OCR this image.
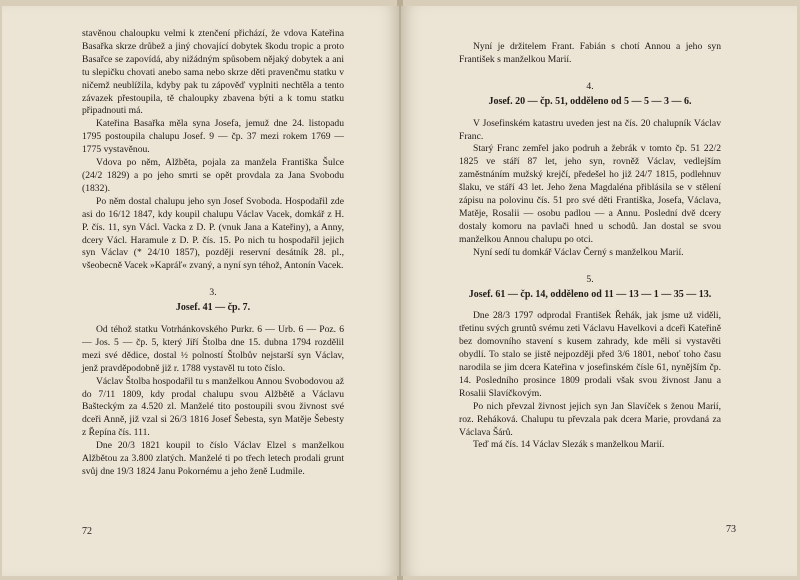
stavěnou chaloupku velmi k ztenčení přichází, že vdova Kateřina Basařka skrze drůbež a jiný chovající dobytek škodu tropic a proto Basařce se zapovídá, aby nižádným spůsobem nějaký dobytek a ani tu slepičku chovati anebo sama nebo skrze děti pravenčmu statku v ničemž neublížila, kdyby pak tu zápověď vyplniti nechtěla a tento závazek přestoupila, tě chaloupky zbavena býti a k tomu statku připadnouti má.

Kateřina Basařka měla syna Josefa, jemuž dne 24. listopadu 1795 postoupila chalupu Josef. 9 — čp. 37 mezi rokem 1769 — 1775 vystavěnou.

Vdova po něm, Alžběta, pojala za manžela Františka Šulce (24/2 1829) a po jeho smrti se opět provdala za Jana Svobodu (1832).

Po něm dostal chalupu jeho syn Josef Svoboda. Hospodařil zde asi do 16/12 1847, kdy koupil chalupu Václav Vacek, domkář z H. P. čís. 11, syn Václ. Vacka z D. P. (vnuk Jana a Kateřiny), a Anny, dcery Václ. Haramule z D. P. čís. 15. Po nich tu hospodařil jejich syn Václav (* 24/10 1857), později reservní desátník 28. pl., všeobecně Vacek »Kapráľ« zvaný, a nyní syn téhož, Antonín Vacek.

3.
Josef. 41 — čp. 7.

Od téhož statku Votrhánkovského Purkr. 6 — Urb. 6 — Poz. 6 — Jos. 5 — čp. 5, který Jiří Štolba dne 15. dubna 1794 rozdělil mezi své dědice, dostal ½ polností Štolbův nejstarší syn Václav, jenž pravděpodobně již r. 1788 vystavěl tu toto číslo.

Václav Štolba hospodařil tu s manželkou Annou Svobodovou až do 7/11 1809, kdy prodal chalupu svou Alžbětě a Václavu Bašteckým za 4.520 zl. Manželé tito postoupili svou živnost své dceři Anně, již vzal si 26/3 1816 Josef Šebesta, syn Matěje Šebesty z Řepína čís. 111.

Dne 20/3 1821 koupil to číslo Václav Elzel s manželkou Alžbětou za 3.800 zlatých. Manželé ti po třech letech prodali grunt svůj dne 19/3 1824 Janu Pokornému a jeho ženě Ludmile.

72

Nyní je držitelem Frant. Fabián s chotí Annou a jeho syn František s manželkou Marií.

4.
Josef. 20 — čp. 51, odděleno od 5 — 5 — 3 — 6.

V Josefinském katastru uveden jest na čís. 20 chalupník Václav Franc.

Starý Franc zemřel jako podruh a žebrák v tomto čp. 51 22/2 1825 ve stáří 87 let, jeho syn, rovněž Václav, vedlejším zaměstnáním mužský krejčí, předešel ho již 24/7 1815, podlehnuv šlaku, ve stáří 43 let. Jeho žena Magdaléna přiblásila se v stělení zápisu na polovinu čís. 51 pro své děti Františka, Josefa, Václava, Matěje, Rosalii — osobu padlou — a Annu. Poslední dvě dcery dostaly komoru na pavlači hned u schodů. Jan dostal se svou manželkou Annou chalupu po otci.

Nyní sedí tu domkář Václav Černý s manželkou Marií.

5.
Josef. 61 — čp. 14, odděleno od 11 — 13 — 1 — 35 — 13.

Dne 28/3 1797 odprodal František Řehák, jak jsme už viděli, třetinu svých gruntů svému zeti Václavu Havelkovi a dceři Kateřině bez domovního stavení s kusem zahrady, kde měli si vystavěti obydlí. To stalo se jistě nejpozději před 3/6 1801, neboť toho času narodila se jim dcera Kateřina v josefinském čísle 61, nynějším čp. 14. Posledního prosince 1809 prodali však svou živnost Janu a Rosalii Slavíčkovým.

Po nich převzal živnost jejich syn Jan Slavíček s ženou Marií, roz. Reháková. Chalupu tu převzala pak dcera Marie, provdaná za Václava Šárů.

Teď má čís. 14 Václav Slezák s manželkou Marií.

73
